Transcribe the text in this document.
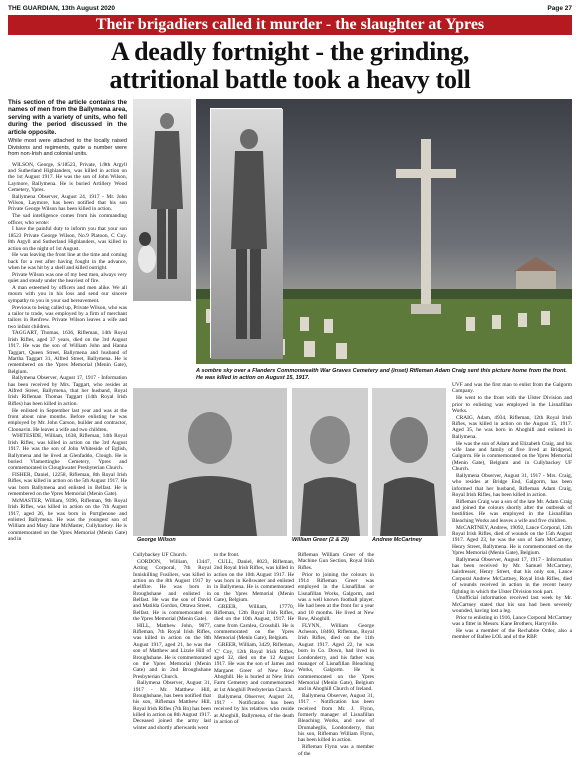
THE GUARDIAN, 13th August 2020	Page 27
Their brigadiers called it murder - the slaughter at Ypres
A deadly fortnight - the grinding,
attritional battle took a heavy toll
This section of the article contains the names of men from the Ballymena area, serving with a variety of units, who fell during the period discussed in the article opposite.
While most were attached to the locally raised Divisions and regiments, quite a number were from non-Irish and colonial units.

WILSON, George, S/18523, Private, 1/8th Argyll and Sutherland Highlanders, was killed in action on the 1st August 1917. He was the son of John Wilson, Laymore, Ballymena. He is buried Artillery Wood Cemetery, Ypres.

Ballymena Observer, August 24, 1917 - Mr. John Wilson, Laymore, has been notified that his son Private George Wilson has been killed in action.

The sad intelligence comes from his commanding officer, who wrote:

I have the painful duty to inform you that your son 18523 Private George Wilson, No.9 Platoon, C Coy. 8th Argyll and Sutherland Highlanders, was killed in action on the night of 1st August.

He was leaving the front line at the time and coming back for a rest after having fought in the advance, when he was hit by a shell and killed outright.

Private Wilson was one of my best men, always very quiet and steady under the heaviest of fire.

A man esteemed by officers and men alike. We all mourn with you in his loss and send our sincere sympathy to you in your sad bereavement.

Previous to being called up, Private Wilson, who was a tailor to trade, was employed by a firm of merchant tailors in Renfrew. Private Wilson leaves a wife and two infant children.

TAGGART, Thomas, 1636, Rifleman, 14th Royal Irish Rifles, aged 37 years, died on the 3rd August 1917. He was the son of William John and Hanna Taggart, Queen Street, Ballymena and husband of Martha Taggart 31, Alfred Street, Ballymena. He is remembered on the Ypres Memorial (Menin Gate), Belgium.

Ballymena Observer, August 17, 1917 - Information has been received by Mrs. Taggart, who resides at Alfred Street, Ballymena, that her husband, Royal Irish Rifleman Thomas Taggart (14th Royal Irish Rifles) has been killed in action.

He enlisted in September last year and was at the front about nine months. Before enlisting he was employed by Mr. John Carson, builder and contractor, Cloonavin. He leaves a wife and two children.

WHITESIDE, William, 1638, Rifleman, 14th Royal Irish Rifles, was killed in action on the 3rd August 1917. He was the son of John Whiteside of Eglish, Ballymena and he lived at Glenfaddo, Clough. He is buried Vlamertinghe Cemetery, Ypres and commemorated in Cloughwater Presbyterian Church.

FISHER, Daniel, 12258, Rifleman, 8th Royal Irish Rifles, was killed in action on the 5th August 1917. He was born Ballymena and enlisted in Belfast. He is remembered on the Ypres Memorial (Menin Gate).

McMASTER, William, 9396, Rifleman, 9th Royal Irish Rifles, was killed in action on the 7th August 1917, aged 26, he was born in Portglenone and enlisted Ballymena. He was the youngest son of William and Mary Jane McMaster, Cullybackey. He is commemorated on the Ypres Memorial (Menin Gate) and in

A sombre sky over a Flanders Commonwealth War Graves Cemetery and (inset) Rifleman Adam Craig sent this picture home from the front. He was killed in action on August 15, 1917.
William Greer (2 & 29)	Andrew McCartney
George Wilson

Cullybackey UF Church.

GORDON, William, 13447, Acting Corporal, 7th Royal Inniskilling Fusiliers, was killed in action on the 8th August 1917 by shellfire. He was born in Broughshane and enlisted in Belfast. He was the son of David and Matilda Gordon, Ottawa Street, Belfast. He is commemorated on the Ypres Memorial (Menin Gate).

HILL, Matthew John, 9877, Rifleman, 7th Royal Irish Rifles, was killed in action on the 8th August 1917, aged 21, he was the son of Matthew and Lizzie Hill of Broughshane. He is commemorated on the Ypres Memorial (Menin Gate) and in 2nd Broughshane Presbyterian Church.

Ballymena Observer, August 31, 1917 - Mr. Matthew Hill, Broughshane, has been notified that his son, Rifleman Matthew Hill, Royal Irish Rifles (7th Bn) has been killed in action on 8th August 1917. Deceased joined the army last winter and shortly afterwards went

to the front.

CULL, Daniel, 8023, Rifleman, 2nd Royal Irish Rifles, was killed in action on the 10th August 1917. He was born in Kellswater and enlisted in Ballymena. He is commemorated on the Ypres Memorial (Menin Gate), Belgium.

GREER, William, 17770, Rifleman, 12th Royal Irish Rifles, died on the 10th August, 1917. He came from Carnlea, Crosshill. He is commemorated on the Ypres Memorial (Menin Gate), Belgium.

GREER, William, 3429, Rifleman, 'C' Coy, 12th Royal Irish Rifles, aged 32, died on the 12 August 1917. He was the son of James and Margaret Greer of New Row Ahoghill. He is buried at New Irish Farm Cemetery and commemorated at 1st Ahoghill Presbyterian Church.

Ballymena Observer, August 24, 1917 - Notification has been received by his relatives who reside at Ahoghill, Ballymena, of the death in action of

Rifleman William Greer of the Machine Gun Section, Royal Irish Rifles.

Prior to joining the colours in 1914 Rifleman Greer was employed in the Lisnafillan or Lisnafillan Works, Galgorm, and was a well known football player. He had been at the front for a year and 10 months. He lived at New Row, Ahoghill.

FLYNN, William George Acheson, 18460, Rifleman, Royal Irish Rifles, died on the 11th August 1917. Aged 22, he was born in Co. Down, had lived in Londonderry, and his father was manager of Lisnafillan Bleaching Works, Galgorm. He is commemorated on the Ypres Memorial (Menin Gate), Belgium and in Ahoghill Church of Ireland.

Ballymena Observer, August 31, 1917 - Notification has been received from Mr. J. Flynn, formerly manager of Lisnafillan Bleaching Works, and now of Drumaheglis, Londonderry, that his son, Rifleman William Flynn, has been killed in action.

Rifleman Flynn was a member of the

UVF and was the first man to enlist from the Galgorm Company.

He went to the front with the Ulster Division and prior to enlisting was employed in the Lisnafillan Works.

CRAIG, Adam, 4934, Rifleman, 12th Royal Irish Rifles, was killed in action on the August 15, 1917. Aged 35, he was born in Ahoghill and enlisted in Ballymena.

He was the son of Adam and Elizabeth Craig, and his wife Jane and family of five lived at Bridgend, Galgorm. He is commemorated on the Ypres Memorial (Menin Gate), Belgium and in Cullybackey UF Church.

Ballymena Observer, August 31, 1917 - Mrs. Craig, who resides at Bridge End, Galgorm, has been informed that her husband, Rifleman Adam Craig, Royal Irish Rifles, has been killed in action.

Rifleman Craig was a son of the late Mr. Adam Craig and joined the colours shortly after the outbreak of hostilities. He was employed in the Lisnafillan Bleaching Works and leaves a wife and five children.

McCARTNEY, Andrew, 19092, Lance Corporal, 12th Royal Irish Rifles, died of wounds on the 15th August 1917. Aged 23, he was the son of Sam McCartney, Henry Street, Ballymena. He is commemorated on the Ypres Memorial (Menin Gate), Belgium.

Ballymena Observer, August 17, 1917 - Information has been received by Mr. Samuel McCartney, hairdresser, Henry Street, that his only son, Lance Corporal Andrew McCartney, Royal Irish Rifles, died of wounds received in action in the recent heavy fighting in which the Ulster Division took part.

Unofficial information received last week by Mr. McCartney stated that his son had been severely wounded, having lost a leg.

Prior to enlisting in 1916, Lance Corporal McCartney was a fitter in Messrs. Kane Brothers, Harryville.

He was a member of the Rechabite Order, also a member of Ballee LOL and of the RBP.
